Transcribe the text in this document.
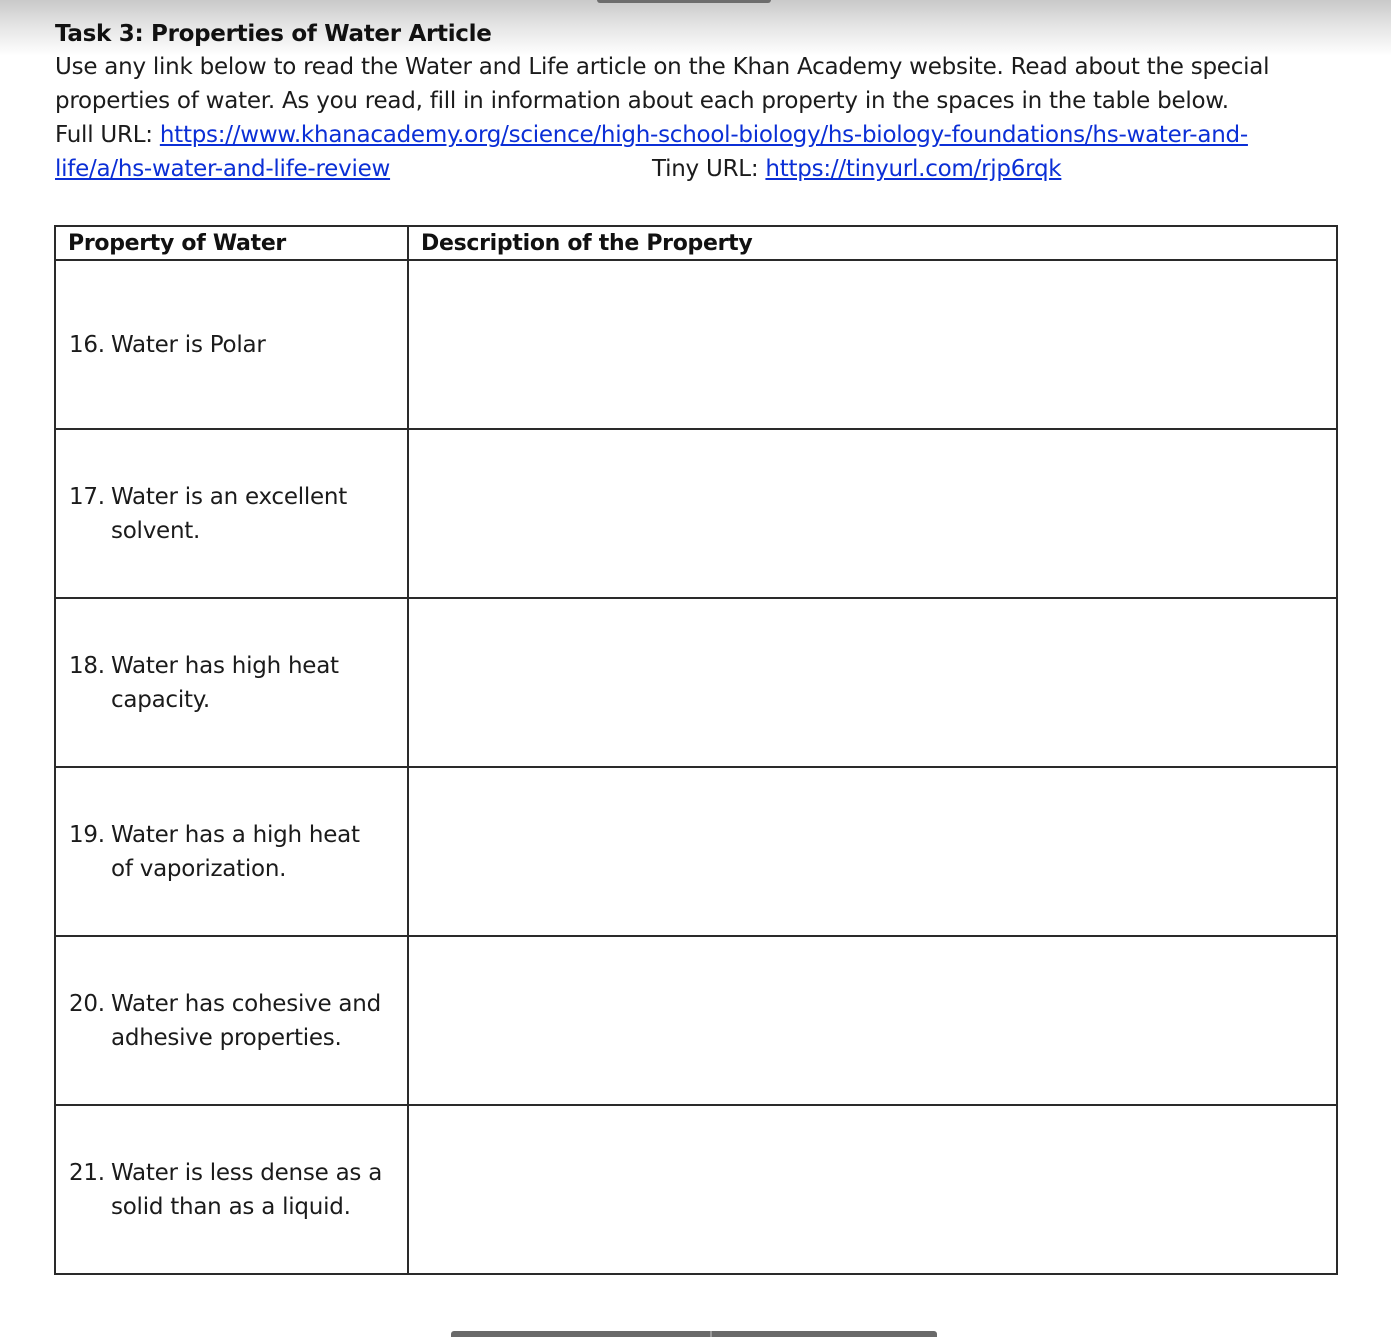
Task 3: Properties of Water Article
Use any link below to read the Water and Life article on the Khan Academy website. Read about the special
properties of water. As you read, fill in information about each property in the spaces in the table below.
Full URL: https://www.khanacademy.org/science/high-school-biology/hs-biology-foundations/hs-water-and-
life/a/hs-water-and-life-review	Tiny URL: https://tinyurl.com/rjp6rqk
Property of Water	Description of the Property

16. Water is Polar	

17. Water is an excellent
solvent.	

18. Water has high heat
capacity.	

19. Water has a high heat
of vaporization.	

20. Water has cohesive and
adhesive properties.	

21. Water is less dense as a
solid than as a liquid.	
